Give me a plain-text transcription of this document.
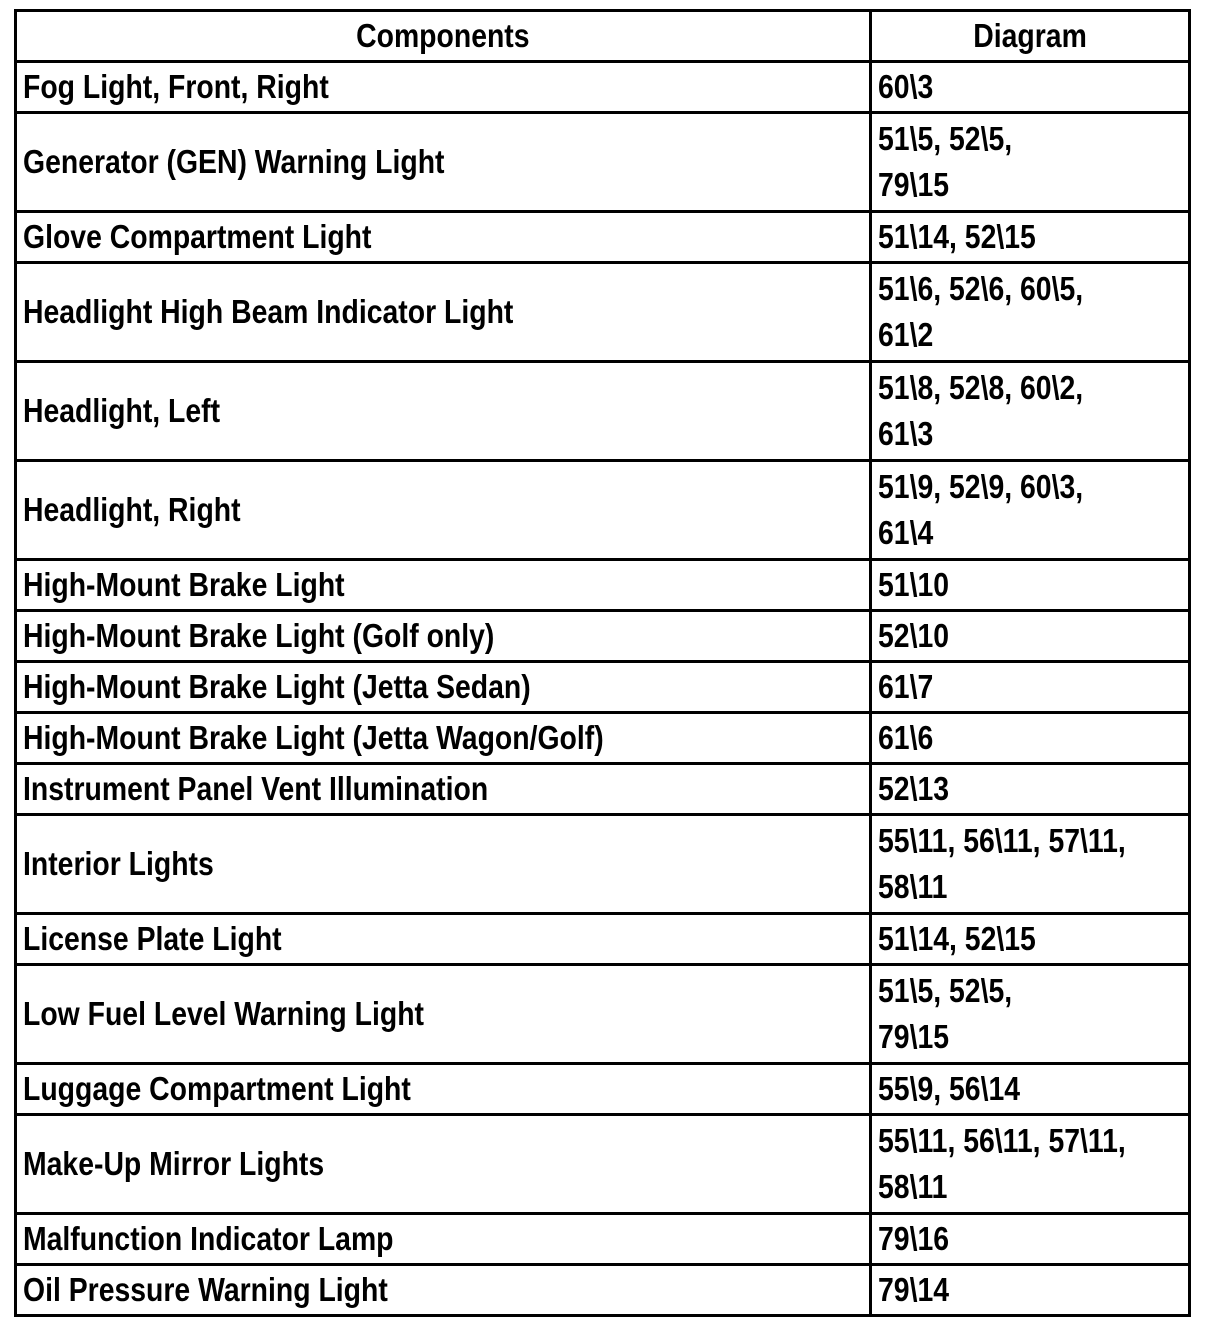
Components	Diagram
Fog Light, Front, Right	60\3
Generator (GEN) Warning Light	51\5, 52\5,
79\15
Glove Compartment Light	51\14, 52\15
Headlight High Beam Indicator Light	51\6, 52\6, 60\5,
61\2
Headlight, Left	51\8, 52\8, 60\2,
61\3
Headlight, Right	51\9, 52\9, 60\3,
61\4
High-Mount Brake Light	51\10
High-Mount Brake Light (Golf only)	52\10
High-Mount Brake Light (Jetta Sedan)	61\7
High-Mount Brake Light (Jetta Wagon/Golf)	61\6
Instrument Panel Vent Illumination	52\13
Interior Lights	55\11, 56\11, 57\11,
58\11
License Plate Light	51\14, 52\15
Low Fuel Level Warning Light	51\5, 52\5,
79\15
Luggage Compartment Light	55\9, 56\14
Make-Up Mirror Lights	55\11, 56\11, 57\11,
58\11
Malfunction Indicator Lamp	79\16
Oil Pressure Warning Light	79\14
